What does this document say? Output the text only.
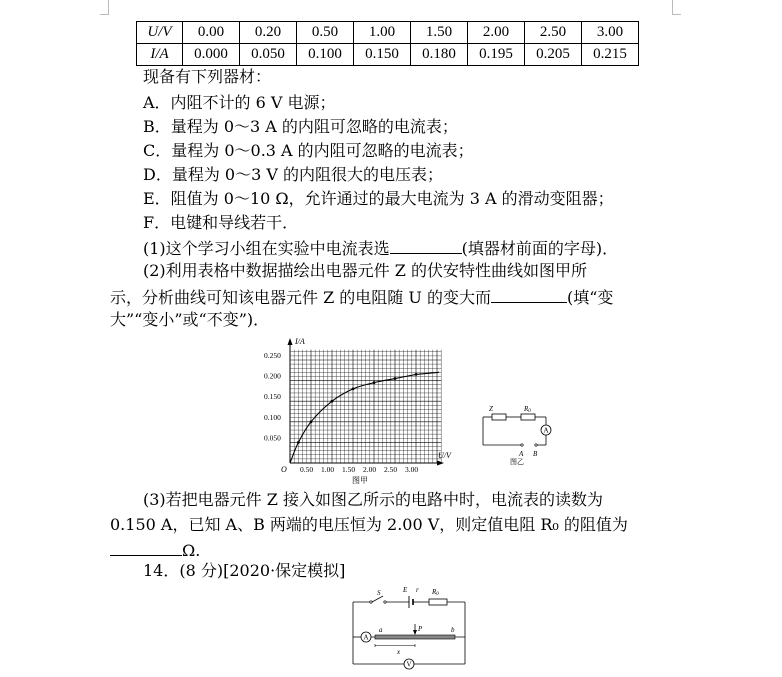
U/V	0.00	0.20	0.50	1.00	1.50	2.00	2.50	3.00
I/A	0.000	0.050	0.100	0.150	0.180	0.195	0.205	0.215
现备有下列器材：
A．内阻不计的 6 V 电源；
B．量程为 0～3 A 的内阻可忽略的电流表；
C．量程为 0～0.3 A 的内阻可忽略的电流表；
D．量程为 0～3 V 的内阻很大的电压表；
E．阻值为 0～10 Ω，允许通过的最大电流为 3 A 的滑动变阻器；
F．电键和导线若干．
(1)这个学习小组在实验中电流表选	(填器材前面的字母)．
(2)利用表格中数据描绘出电器元件 Z 的伏安特性曲线如图甲所
示，分析曲线可知该电器元件 Z 的电阻随 U 的变大而	(填“变
大”“变小”或“不变”)．
I/A
U/V
O
0.250
0.200
0.150
0.100
0.050
0.50 1.00 1.50 2.00 2.50 3.00
图甲
A
Z	R0
A B
图乙
(3)若把电器元件 Z 接入如图乙所示的电路中时，电流表的读数为
0.150 A，已知 A、B 两端的电压恒为 2.00 V，则定值电阻 R₀ 的阻值为
Ω.
14．(8 分)[2020·保定模拟]
A
V
S	E r R0
a	P	b
x
